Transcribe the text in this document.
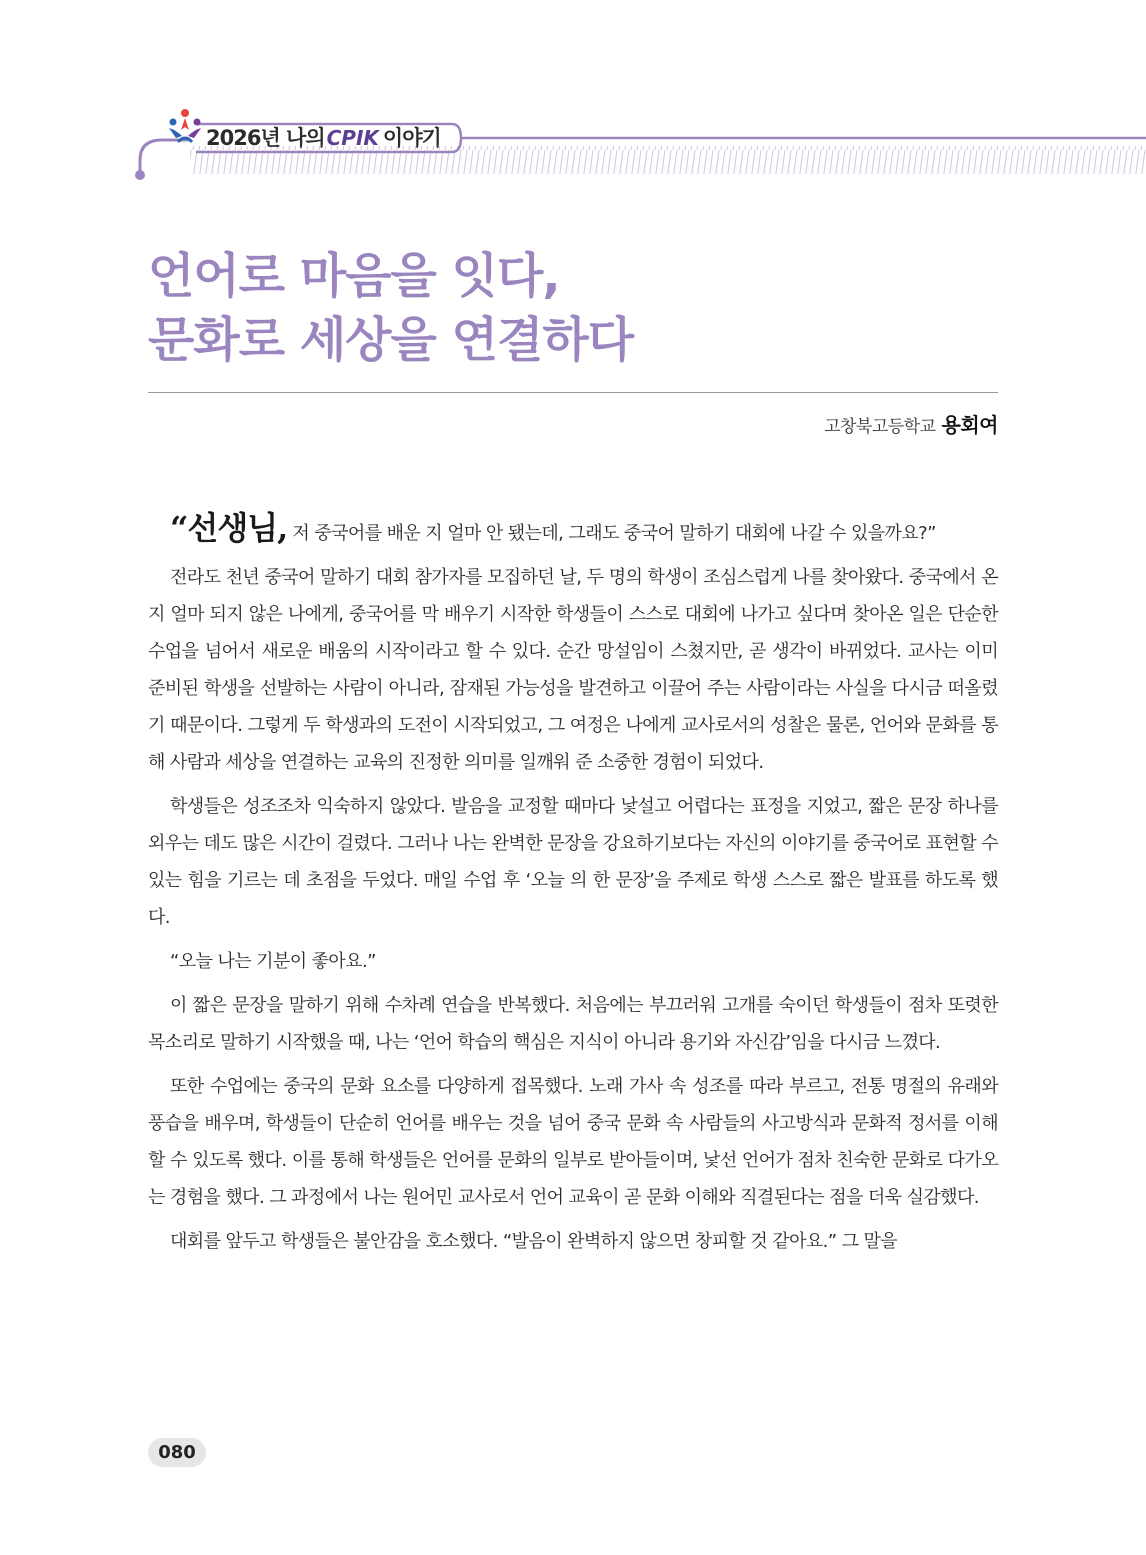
2026년 나의 CPIK 이야기
언어로 마음을 잇다,
문화로 세상을 연결하다
고창북고등학교 용회여

“선생님, 저 중국어를 배운 지 얼마 안 됐는데, 그래도 중국어 말하기 대회에 나갈 수 있을까요?”

전라도 천년 중국어 말하기 대회 참가자를 모집하던 날, 두 명의 학생이 조심스럽게 나를 찾아왔다. 중국에서 온 지 얼마 되지 않은 나에게, 중국어를 막 배우기 시작한 학생들이 스스로 대회에 나가고 싶다며 찾아온 일은 단순한 수업을 넘어서 새로운 배움의 시작이라고 할 수 있다. 순간 망설임이 스쳤지만, 곧 생각이 바뀌었다. 교사는 이미 준비된 학생을 선발하는 사람이 아니라, 잠재된 가능성을 발견하고 이끌어 주는 사람이라는 사실을 다시금 떠올렸기 때문이다. 그렇게 두 학생과의 도전이 시작되었고, 그 여정은 나에게 교사로서의 성찰은 물론, 언어와 문화를 통해 사람과 세상을 연결하는 교육의 진정한 의미를 일깨워 준 소중한 경험이 되었다.

학생들은 성조조차 익숙하지 않았다. 발음을 교정할 때마다 낯설고 어렵다는 표정을 지었고, 짧은 문장 하나를 외우는 데도 많은 시간이 걸렸다. 그러나 나는 완벽한 문장을 강요하기보다는 자신의 이야기를 중국어로 표현할 수 있는 힘을 기르는 데 초점을 두었다. 매일 수업 후 ‘오늘 의 한 문장’을 주제로 학생 스스로 짧은 발표를 하도록 했다.

“오늘 나는 기분이 좋아요.”

이 짧은 문장을 말하기 위해 수차례 연습을 반복했다. 처음에는 부끄러워 고개를 숙이던 학생들이 점차 또렷한 목소리로 말하기 시작했을 때, 나는 ‘언어 학습의 핵심은 지식이 아니라 용기와 자신감’임을 다시금 느꼈다.

또한 수업에는 중국의 문화 요소를 다양하게 접목했다. 노래 가사 속 성조를 따라 부르고, 전통 명절의 유래와 풍습을 배우며, 학생들이 단순히 언어를 배우는 것을 넘어 중국 문화 속 사람들의 사고방식과 문화적 정서를 이해할 수 있도록 했다. 이를 통해 학생들은 언어를 문화의 일부로 받아들이며, 낯선 언어가 점차 친숙한 문화로 다가오는 경험을 했다. 그 과정에서 나는 원어민 교사로서 언어 교육이 곧 문화 이해와 직결된다는 점을 더욱 실감했다.

대회를 앞두고 학생들은 불안감을 호소했다. “발음이 완벽하지 않으면 창피할 것 같아요.” 그 말을

080
